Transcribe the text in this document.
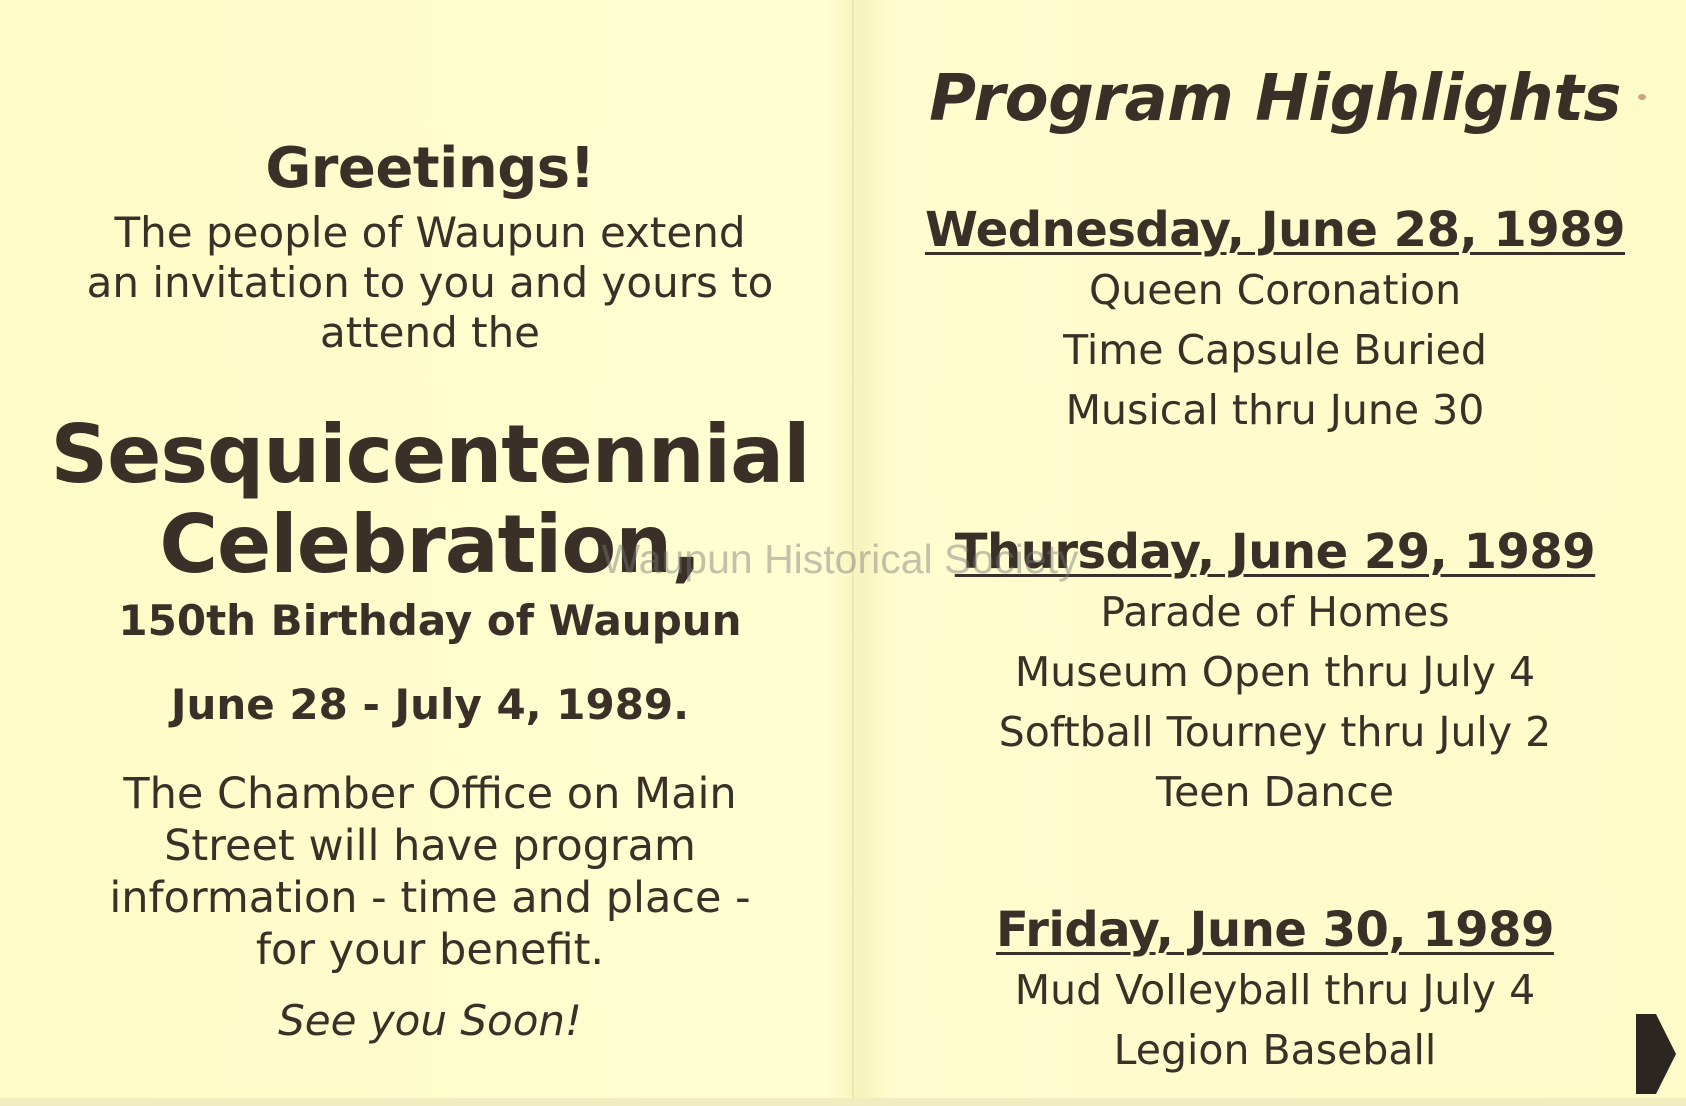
Greetings!
The people of Waupun extend
an invitation to you and yours to
attend the
Sesquicentennial
Celebration,
150th Birthday of Waupun
June 28 - July 4, 1989.
The Chamber Office on Main
Street will have program
information - time and place -
for your benefit.
See you Soon!
Program Highlights
Wednesday, June 28, 1989
Queen Coronation
Time Capsule Buried
Musical thru June 30
Thursday, June 29, 1989
Parade of Homes
Museum Open thru July 4
Softball Tourney thru July 2
Teen Dance
Friday, June 30, 1989
Mud Volleyball thru July 4
Legion Baseball
Waupun Historical Society
